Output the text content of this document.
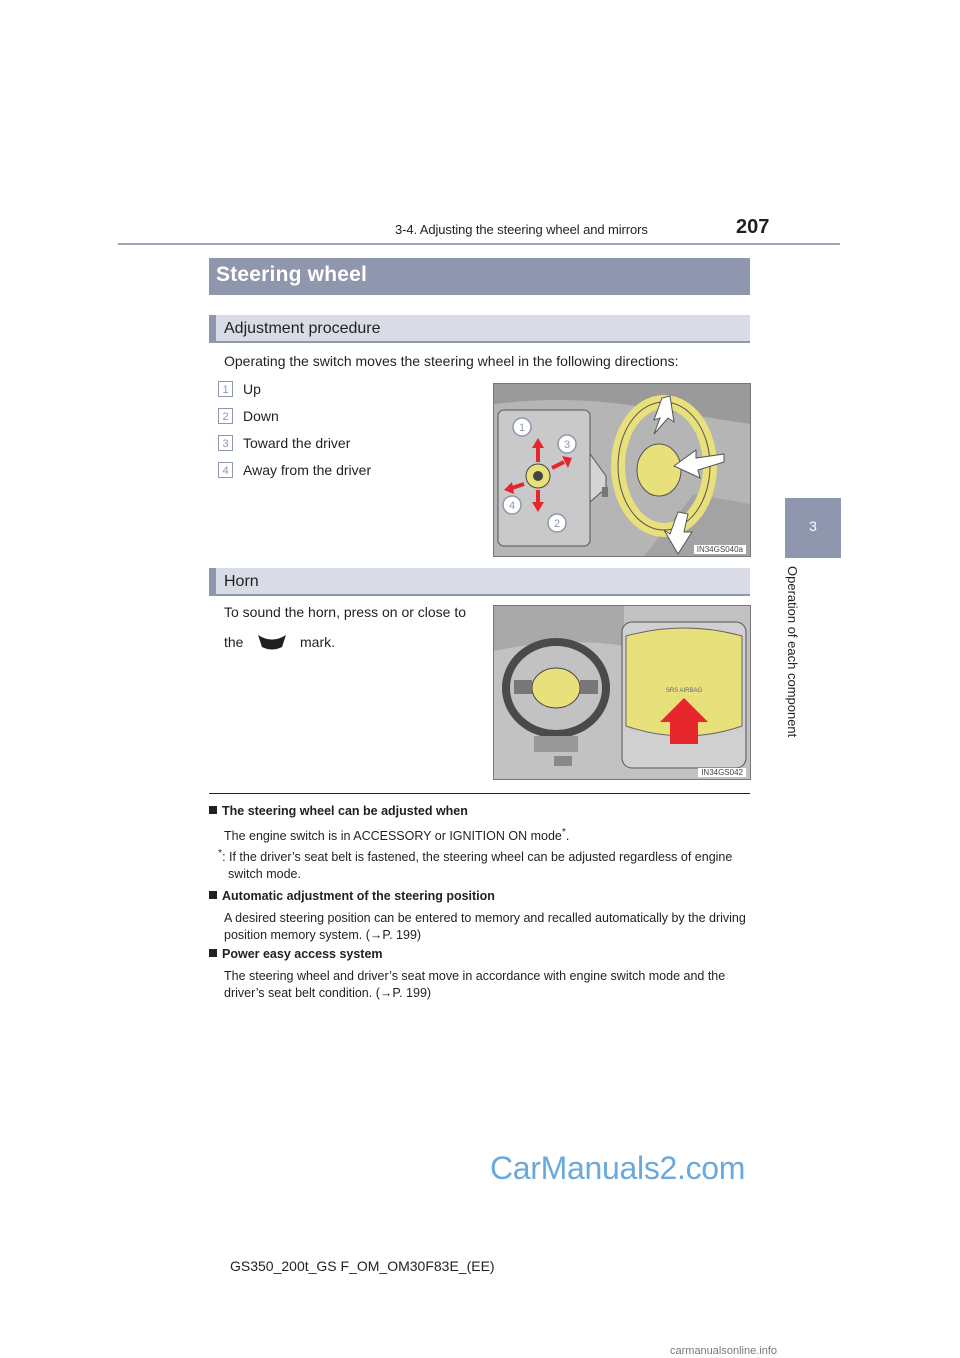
3-4. Adjusting the steering wheel and mirrors	207
3
Operation of each component
Steering wheel
Adjustment procedure
Operating the switch moves the steering wheel in the following directions:
1	Up
2	Down
3	Toward the driver
4	Away from the driver
1
3
4
2
IN34GS040a
Horn
To sound the horn, press on or close to
the	mark.
SRS AIRBAG
IN34GS042
The steering wheel can be adjusted when
The engine switch is in ACCESSORY or IGNITION ON mode*.
*: If the driver’s seat belt is fastened, the steering wheel can be adjusted regardless of engine switch mode.
Automatic adjustment of the steering position
A desired steering position can be entered to memory and recalled automatically by the driving position memory system. (→P. 199)
Power easy access system
The steering wheel and driver’s seat move in accordance with engine switch mode and the driver’s seat belt condition. (→P. 199)
GS350_200t_GS F_OM_OM30F83E_(EE)
CarManuals2.com
carmanualsonline.info
